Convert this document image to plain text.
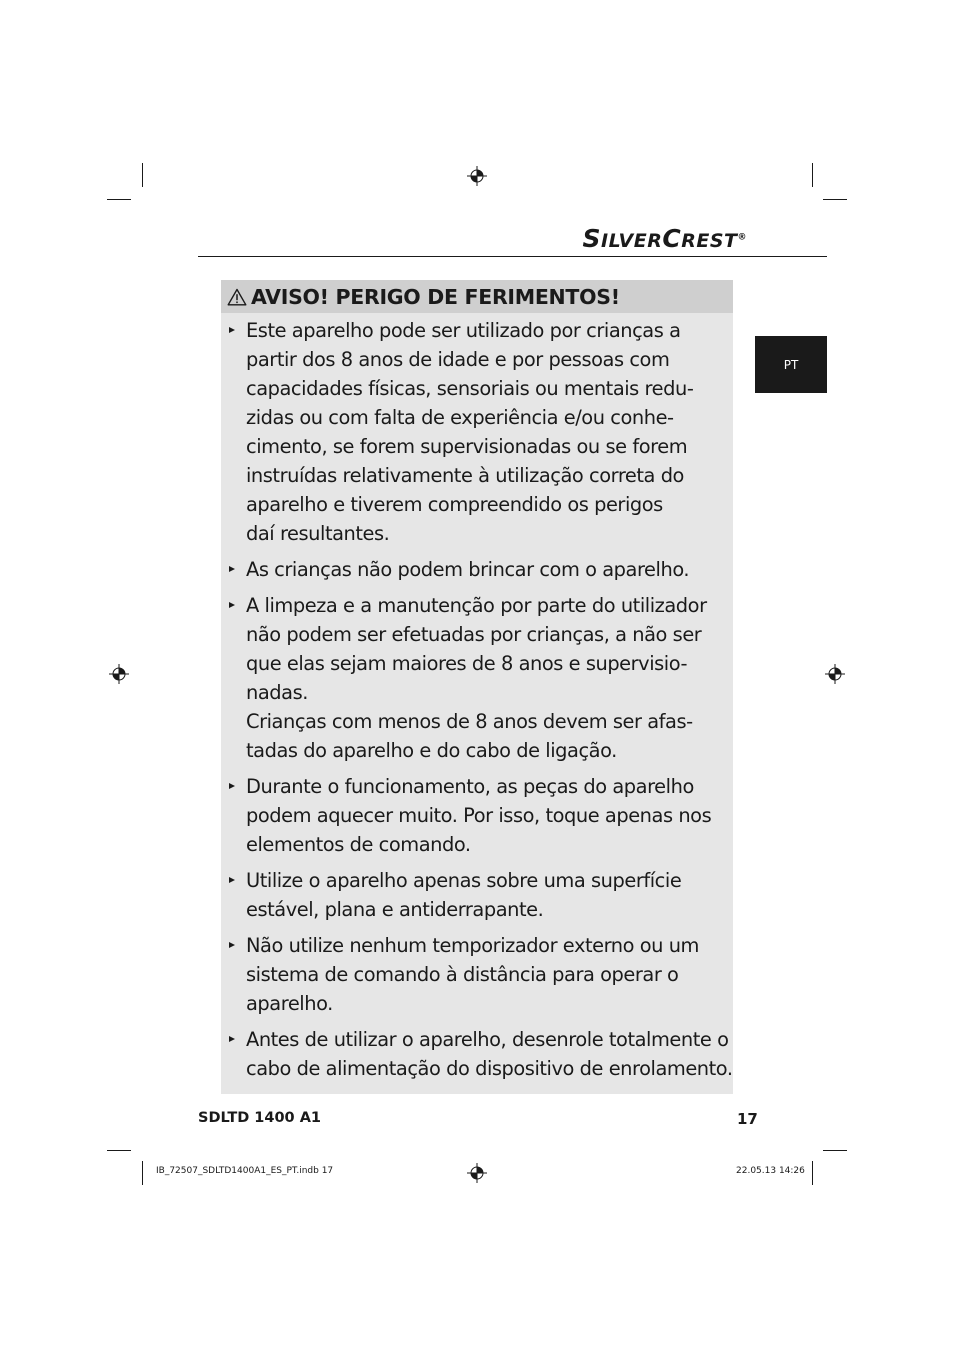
SILVERCREST®
PT
AVISO! PERIGO DE FERIMENTOS!
Este aparelho pode ser utilizado por crianças a
partir dos 8 anos de idade e por pessoas com
capacidades físicas, sensoriais ou mentais redu-
zidas ou com falta de experiência e/ou conhe-
cimento, se forem supervisionadas ou se forem
instruídas relativamente à utilização correta do
aparelho e tiverem compreendido os perigos
daí resultantes.
As crianças não podem brincar com o aparelho.
A limpeza e a manutenção por parte do utilizador
não podem ser efetuadas por crianças, a não ser
que elas sejam maiores de 8 anos e supervisio-
nadas.
Crianças com menos de 8 anos devem ser afas-
tadas do aparelho e do cabo de ligação.
Durante o funcionamento, as peças do aparelho
podem aquecer muito. Por isso, toque apenas nos
elementos de comando.
Utilize o aparelho apenas sobre uma superfície
estável, plana e antiderrapante.
Não utilize nenhum temporizador externo ou um
sistema de comando à distância para operar o
aparelho.
Antes de utilizar o aparelho, desenrole totalmente o
cabo de alimentação do dispositivo de enrolamento.
SDLTD 1400 A1	17
IB_72507_SDLTD1400A1_ES_PT.indb 17	22.05.13 14:26
